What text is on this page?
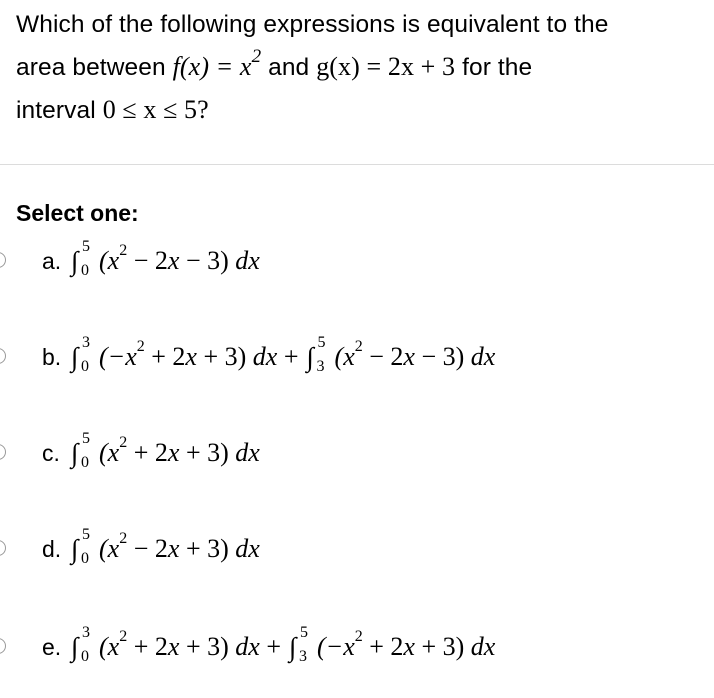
Which of the following expressions is equivalent to the
area between $f(x) = x^2$ and g(x) = 2x + 3 for the
interval 0 ≤ x ≤ 5?
Select one:
a. ∫ 5
0 $(x^2 - 2x - 3)$ dx
b. ∫ 3
0 $(-x^2 + 2x + 3)$ dx + ∫ 5
3 $(x^2 - 2x - 3)$ dx
c. ∫ 5
0 $(x^2 + 2x + 3)$ dx
d. ∫ 5
0 $(x^2 - 2x + 3)$ dx
e. ∫ 3
0 $(x^2 + 2x + 3)$ dx + ∫ 5
3 $(-x^2 + 2x + 3)$ dx
